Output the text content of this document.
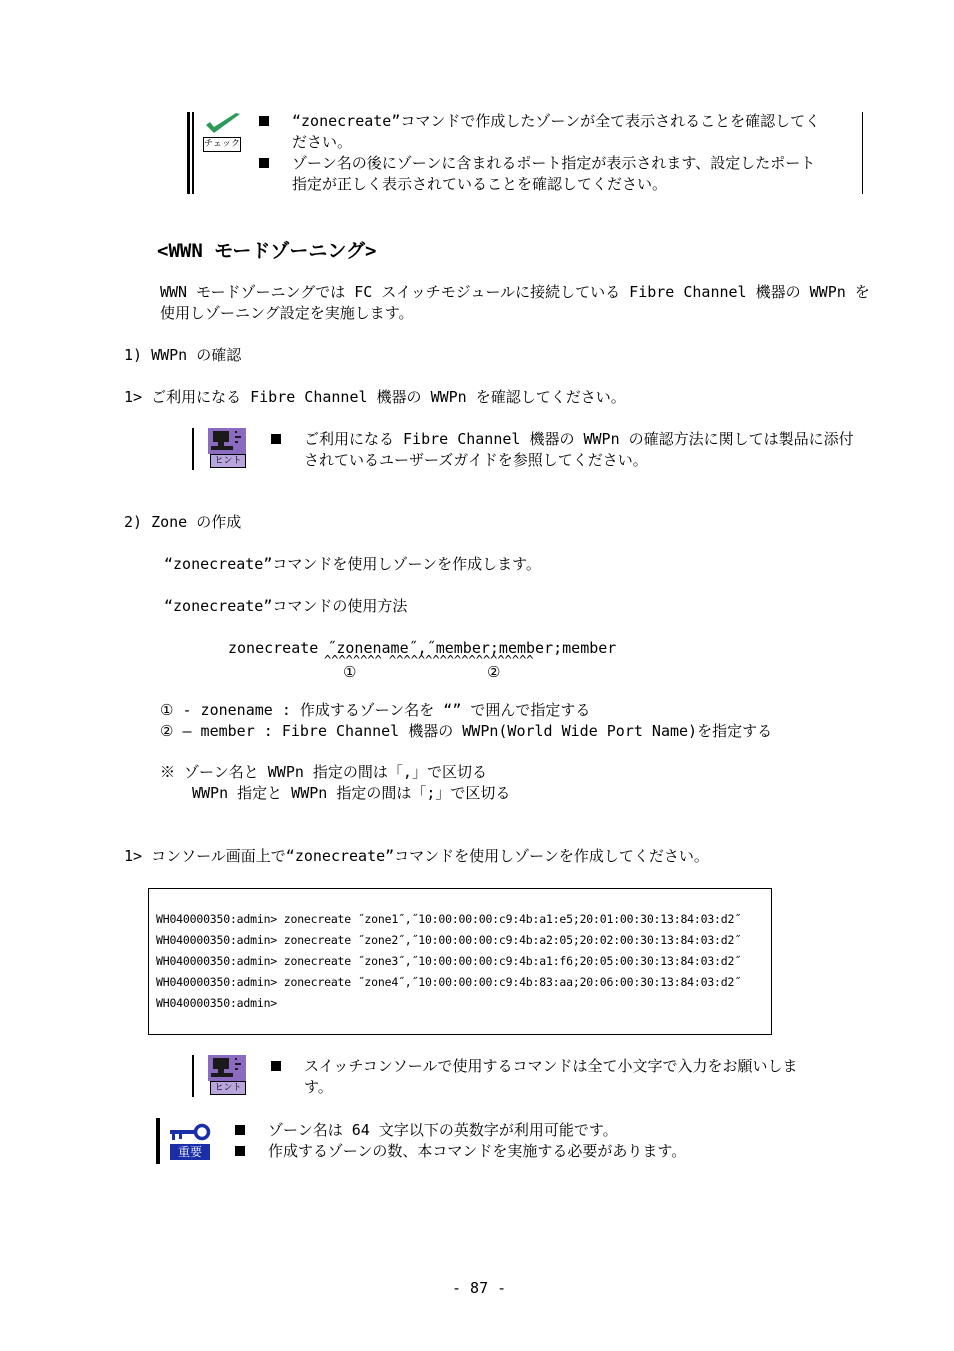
チェック
“zonecreate”コマンドで作成したゾーンが全て表示されることを確認してく
ださい。
ゾーン名の後にゾーンに含まれるポート指定が表示されます、設定したポート
指定が正しく表示されていることを確認してください。
<WWN モードゾーニング>
WWN モードゾーニングでは FC スイッチモジュールに接続している Fibre Channel 機器の WWPn を
使用しゾーニング設定を実施します。
1) WWPn の確認
1> ご利用になる Fibre Channel 機器の WWPn を確認してください。
ヒント
ご利用になる Fibre Channel 機器の WWPn の確認方法に関しては製品に添付
されているユーザーズガイドを参照してください。
2) Zone の作成
“zonecreate”コマンドを使用しゾーンを作成します。
“zonecreate”コマンドの使用方法
zonecreate ˝zonename˝,˝member;member;member
^^^^^^^^ ^^^^^^^^^^^^^^^^^^^^
①	②
① - zonename : 作成するゾーン名を “” で囲んで指定する
② – member : Fibre Channel 機器の WWPn(World Wide Port Name)を指定する
※ ゾーン名と WWPn 指定の間は「,」で区切る
WWPn 指定と WWPn 指定の間は「;」で区切る
1> コンソール画面上で“zonecreate”コマンドを使用しゾーンを作成してください。
WH040000350:admin> zonecreate ˝zone1˝,˝10:00:00:00:c9:4b:a1:e5;20:01:00:30:13:84:03:d2˝
WH040000350:admin> zonecreate ˝zone2˝,˝10:00:00:00:c9:4b:a2:05;20:02:00:30:13:84:03:d2˝
WH040000350:admin> zonecreate ˝zone3˝,˝10:00:00:00:c9:4b:a1:f6;20:05:00:30:13:84:03:d2˝
WH040000350:admin> zonecreate ˝zone4˝,˝10:00:00:00:c9:4b:83:aa;20:06:00:30:13:84:03:d2˝
WH040000350:admin>
ヒント
スイッチコンソールで使用するコマンドは全て小文字で入力をお願いしま
す。
重要
ゾーン名は 64 文字以下の英数字が利用可能です。
作成するゾーンの数、本コマンドを実施する必要があります。
- 87 -
